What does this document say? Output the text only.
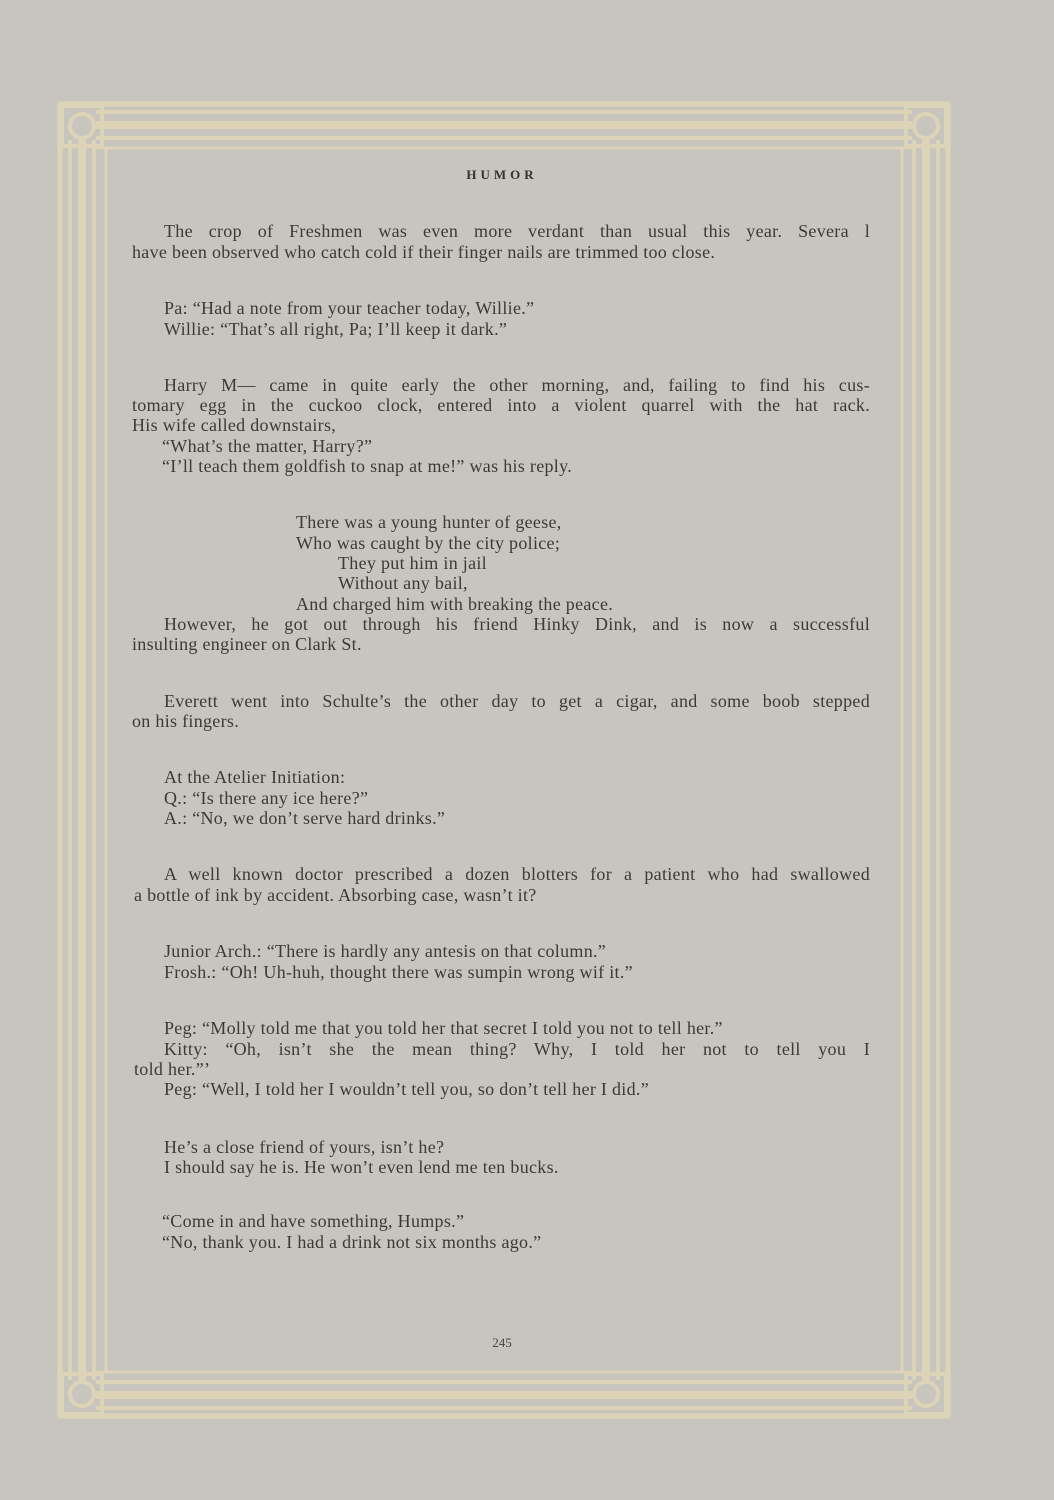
HUMOR
The crop of Freshmen was even more verdant than usual this year. Severa l
have been observed who catch cold if their finger nails are trimmed too close.
Pa: “Had a note from your teacher today, Willie.”
Willie: “That’s all right, Pa; I’ll keep it dark.”
Harry M— came in quite early the other morning, and, failing to find his cus-
tomary egg in the cuckoo clock, entered into a violent quarrel with the hat rack.
His wife called downstairs,
“What’s the matter, Harry?”
“I’ll teach them goldfish to snap at me!” was his reply.
There was a young hunter of geese,
Who was caught by the city police;
They put him in jail
Without any bail,
And charged him with breaking the peace.
However, he got out through his friend Hinky Dink, and is now a successful
insulting engineer on Clark St.
Everett went into Schulte’s the other day to get a cigar, and some boob stepped
on his fingers.
At the Atelier Initiation:
Q.: “Is there any ice here?”
A.: “No, we don’t serve hard drinks.”
A well known doctor prescribed a dozen blotters for a patient who had swallowed
a bottle of ink by accident. Absorbing case, wasn’t it?
Junior Arch.: “There is hardly any antesis on that column.”
Frosh.: “Oh! Uh-huh, thought there was sumpin wrong wif it.”
Peg: “Molly told me that you told her that secret I told you not to tell her.”
Kitty: “Oh, isn’t she the mean thing? Why, I told her not to tell you I
told her.”’
Peg: “Well, I told her I wouldn’t tell you, so don’t tell her I did.”
He’s a close friend of yours, isn’t he?
I should say he is. He won’t even lend me ten bucks.
“Come in and have something, Humps.”
“No, thank you. I had a drink not six months ago.”
245
